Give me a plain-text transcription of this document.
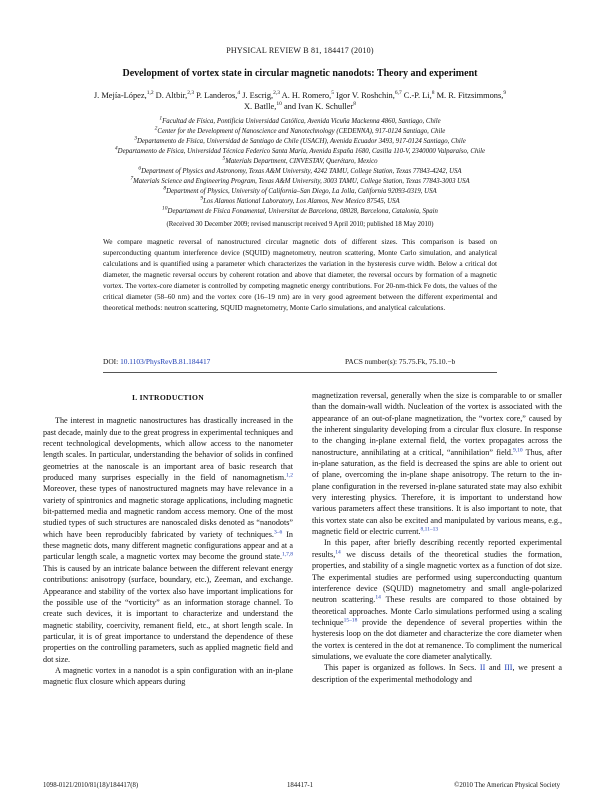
PHYSICAL REVIEW B 81, 184417 (2010)
Development of vortex state in circular magnetic nanodots: Theory and experiment
J. Mejía-López,$^{1,2}$ D. Altbir,$^{2,3}$ P. Landeros,$^4$ J. Escrig,$^{2,3}$ A. H. Romero,$^5$ Igor V. Roshchin,$^{6,7}$ C.-P. Li,$^8$ M. R. Fitzsimmons,$^9$
X. Batlle,$^{10}$ and Ivan K. Schuller$^8$
$^1$Facultad de Física, Pontificia Universidad Católica, Avenida Vicuña Mackenna 4860, Santiago, Chile
$^2$Center for the Development of Nanoscience and Nanotechnology (CEDENNA), 917-0124 Santiago, Chile
$^3$Departamento de Física, Universidad de Santiago de Chile (USACH), Avenida Ecuador 3493, 917-0124 Santiago, Chile
$^4$Departamento de Física, Universidad Técnica Federico Santa María, Avenida España 1680, Casilla 110-V, 2340000 Valparaíso, Chile
$^5$Materials Department, CINVESTAV, Querétaro, Mexico
$^6$Department of Physics and Astronomy, Texas A&M University, 4242 TAMU, College Station, Texas 77843-4242, USA
$^7$Materials Science and Engineering Program, Texas A&M University, 3003 TAMU, College Station, Texas 77843-3003 USA
$^8$Department of Physics, University of California–San Diego, La Jolla, California 92093-0319, USA
$^9$Los Alamos National Laboratory, Los Alamos, New Mexico 87545, USA
$^{10}$Departament de Física Fonamental, Universitat de Barcelona, 08028, Barcelona, Catalonia, Spain
(Received 30 December 2009; revised manuscript received 9 April 2010; published 18 May 2010)
We compare magnetic reversal of nanostructured circular magnetic dots of different sizes. This comparison is based on superconducting quantum interference device (SQUID) magnetometry, neutron scattering, Monte Carlo simulation, and analytical calculations and is quantified using a parameter which characterizes the variation in the hysteresis curve width. Below a critical dot diameter, the magnetic reversal occurs by coherent rotation and above that diameter, the reversal occurs by formation of a magnetic vortex. The vortex-core diameter is controlled by competing magnetic energy contributions. For 20-nm-thick Fe dots, the values of the critical diameter (58–60 nm) and the vortex core (16–19 nm) are in very good agreement between the different experimental and theoretical methods: neutron scattering, SQUID magnetometry, Monte Carlo simulations, and analytical calculations.
DOI: 10.1103/PhysRevB.81.184417	PACS number(s): 75.75.Fk, 75.10.−b
I. INTRODUCTION

The interest in magnetic nanostructures has drastically increased in the past decade, mainly due to the great progress in experimental techniques and recent technological developments, which allow access to the nanometer length scales. In particular, understanding the behavior of solids in confined geometries at the nanoscale is an important area of basic research that produced many surprises especially in the field of nanomagnetism.$^{1,2}$ Moreover, these types of nanostructured magnets may have relevance in a variety of spintronics and magnetic storage applications, including magnetic bit-patterned media and magnetic random access memory. One of the most studied types of such structures are nanoscaled disks denoted as “nanodots” which have been reproducibly fabricated by variety of techniques.$^{3-6}$ In these magnetic dots, many different magnetic configurations appear and at a particular length scale, a magnetic vortex may become the ground state.$^{1,7,8}$ This is caused by an intricate balance between the different relevant energy contributions: anisotropy (surface, boundary, etc.), Zeeman, and exchange. Appearance and stability of the vortex also have important implications for the possible use of the “vorticity” as an information storage channel. To create such devices, it is important to characterize and understand the magnetic stability, coercivity, remanent field, etc., at short length scale. In particular, it is of great importance to understand the dependence of these properties on the controlling parameters, such as applied magnetic field and dot size.

A magnetic vortex in a nanodot is a spin configuration with an in-plane magnetic flux closure which appears during

magnetization reversal, generally when the size is comparable to or smaller than the domain-wall width. Nucleation of the vortex is associated with the appearance of an out-of-plane magnetization, the “vortex core,” caused by the inherent singularity developing from a circular flux closure. In response to the changing in-plane external field, the vortex propagates across the nanostructure, annihilating at a critical, “annihilation” field.$^{9,10}$ Thus, after in-plane saturation, as the field is decreased the spins are able to orient out of plane, overcoming the in-plane shape anisotropy. The return to the in-plane configuration in the reversed in-plane saturated state may also exhibit very interesting physics. Therefore, it is important to understand how various parameters affect these transitions. It is also important to note, that this vortex state can also be excited and manipulated by various means, e.g., magnetic field or electric current.$^{8,11-13}$

In this paper, after briefly describing recently reported experimental results,$^{14}$ we discuss details of the theoretical studies the formation, properties, and stability of a single magnetic vortex as a function of dot size. The experimental studies are performed using superconducting quantum interference device (SQUID) magnetometry and small angle-polarized neutron scattering.$^{14}$ These results are compared to those obtained by theoretical approaches. Monte Carlo simulations performed using a scaling technique$^{15-18}$ provide the dependence of several properties within the hysteresis loop on the dot diameter and characterize the core diameter when the vortex is centered in the dot at remanence. To compliment the numerical simulations, we evaluate the core diameter analytically.

This paper is organized as follows. In Secs. II and III, we present a description of the experimental methodology and

1098-0121/2010/81(18)/184417(8)	184417-1	©2010 The American Physical Society
